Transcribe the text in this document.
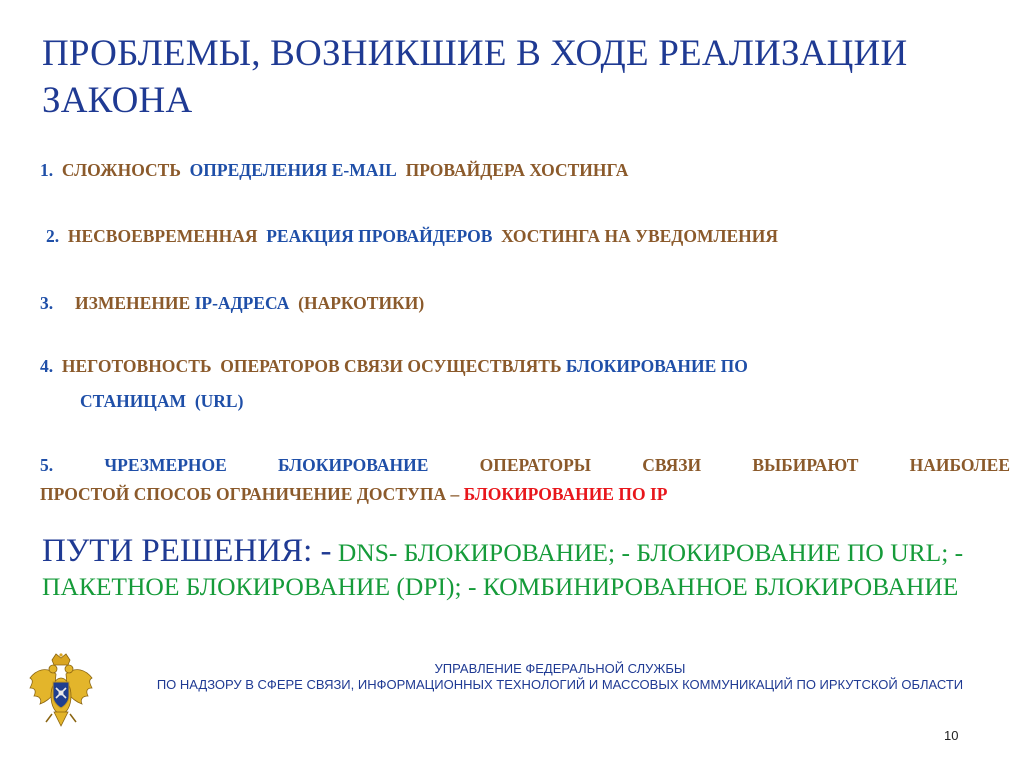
ПРОБЛЕМЫ, ВОЗНИКШИЕ В ХОДЕ РЕАЛИЗАЦИИ ЗАКОНА
1. СЛОЖНОСТЬ ОПРЕДЕЛЕНИЯ Е-MAIL ПРОВАЙДЕРА ХОСТИНГА
2. НЕСВОЕВРЕМЕННАЯ РЕАКЦИЯ ПРОВАЙДЕРОВ ХОСТИНГА НА УВЕДОМЛЕНИЯ
3. ИЗМЕНЕНИЕ IP-АДРЕСА (НАРКОТИКИ)
4. НЕГОТОВНОСТЬ ОПЕРАТОРОВ СВЯЗИ ОСУЩЕСТВЛЯТЬ БЛОКИРОВАНИЕ ПО
СТАНИЦАМ (URL)
5.	ЧРЕЗМЕРНОЕ	БЛОКИРОВАНИЕ	ОПЕРАТОРЫ СВЯЗИ ВЫБИРАЮТ НАИБОЛЕЕ
ПРОСТОЙ СПОСОБ ОГРАНИЧЕНИЕ ДОСТУПА – БЛОКИРОВАНИЕ ПО IP
ПУТИ РЕШЕНИЯ: - DNS- БЛОКИРОВАНИЕ; - БЛОКИРОВАНИЕ ПО URL; - ПАКЕТНОЕ БЛОКИРОВАНИЕ (DPI); - КОМБИНИРОВАННОЕ БЛОКИРОВАНИЕ
УПРАВЛЕНИЕ ФЕДЕРАЛЬНОЙ СЛУЖБЫ
ПО НАДЗОРУ В СФЕРЕ СВЯЗИ, ИНФОРМАЦИОННЫХ ТЕХНОЛОГИЙ И МАССОВЫХ КОММУНИКАЦИЙ ПО ИРКУТСКОЙ ОБЛАСТИ
10
